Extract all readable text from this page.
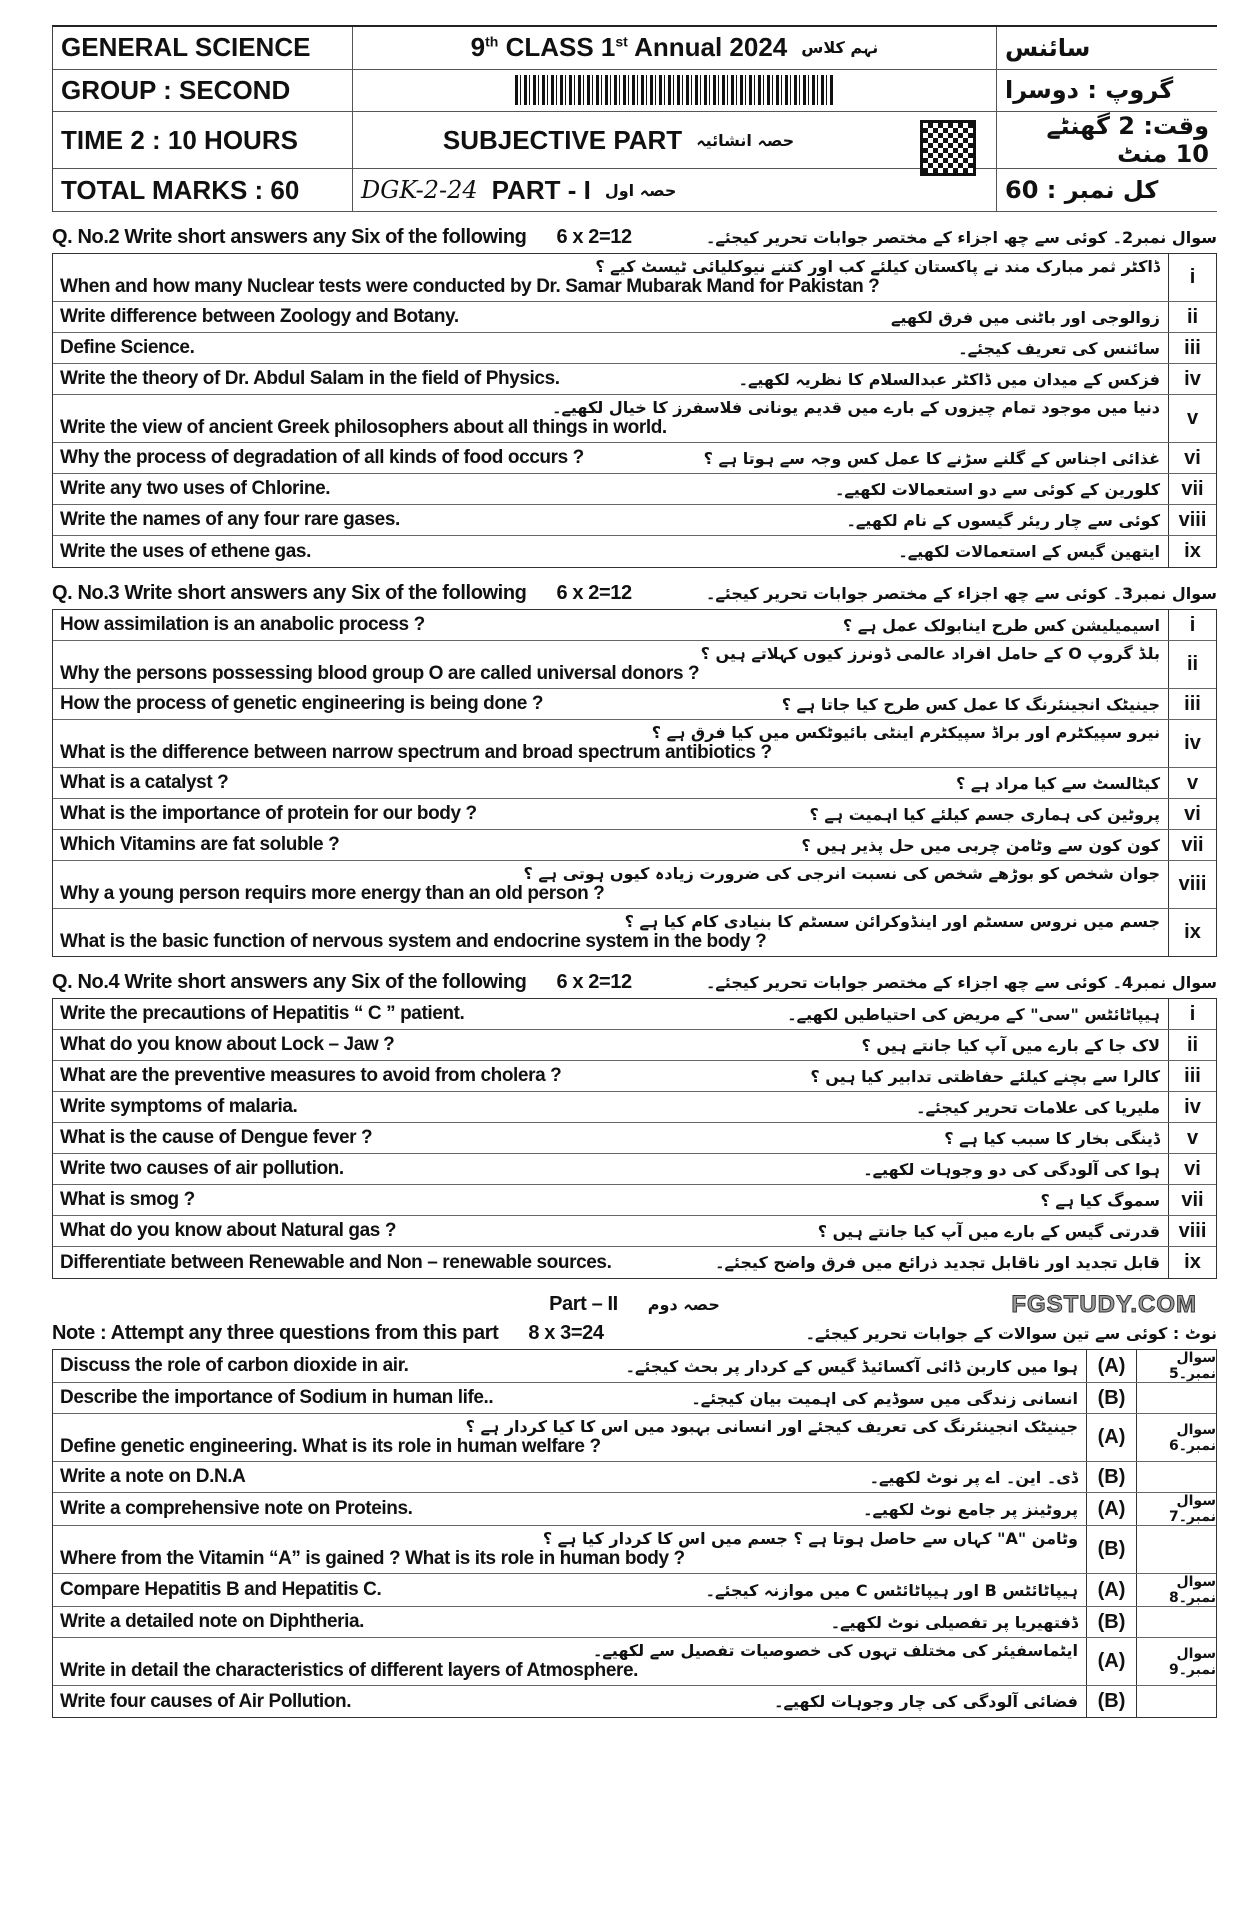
GENERAL SCIENCE	9th CLASS 1st Annual 2024 نہم کلاس	سائنس
GROUP : SECOND	گروپ : دوسرا
TIME 2 : 10 HOURS	SUBJECTIVE PART حصہ انشائیہ	وقت: 2 گھنٹے 10 منٹ
TOTAL MARKS : 60	DGK-2-24 PART - I حصہ اول	کل نمبر : 60
Q. No.2 Write short answers any Six of the following 6 x 2=12	سوال نمبر2۔ کوئی سے چھ اجزاء کے مختصر جوابات تحریر کیجئے۔
When and how many Nuclear tests were conducted by Dr. Samar Mubarak Mand for Pakistan ?
ڈاکٹر ثمر مبارک مند نے پاکستان کیلئے کب اور کتنے نیوکلیائی ٹیسٹ کیے ؟	i
Write difference between Zoology and Botany.	زوالوجی اور باٹنی میں فرق لکھیے	ii
Define Science.	سائنس کی تعریف کیجئے۔	iii
Write the theory of Dr. Abdul Salam in the field of Physics.	فزکس کے میدان میں ڈاکٹر عبدالسلام کا نظریہ لکھیے۔	iv
Write the view of ancient Greek philosophers about all things in world.
دنیا میں موجود تمام چیزوں کے بارے میں قدیم یونانی فلاسفرز کا خیال لکھیے۔	v
Why the process of degradation of all kinds of food occurs ?	غذائی اجناس کے گلنے سڑنے کا عمل کس وجہ سے ہوتا ہے ؟	vi
Write any two uses of Chlorine.	کلورین کے کوئی سے دو استعمالات لکھیے۔	vii
Write the names of any four rare gases.	کوئی سے چار ریئر گیسوں کے نام لکھیے۔ viii
Write the uses of ethene gas.	ایتھین گیس کے استعمالات لکھیے۔	ix
Q. No.3 Write short answers any Six of the following 6 x 2=12	سوال نمبر3۔ کوئی سے چھ اجزاء کے مختصر جوابات تحریر کیجئے۔
How assimilation is an anabolic process ?	اسیمیلیشن کس طرح اینابولک عمل ہے ؟	i
Why the persons possessing blood group O are called universal donors ?
بلڈ گروپ O کے حامل افراد عالمی ڈونرز کیوں کہلاتے ہیں ؟	ii
How the process of genetic engineering is being done ?	جینیٹک انجینئرنگ کا عمل کس طرح کیا جاتا ہے ؟	iii
What is the difference between narrow spectrum and broad spectrum antibiotics ?
نیرو سپیکٹرم اور براڈ سپیکٹرم اینٹی بائیوٹکس میں کیا فرق ہے ؟	iv
What is a catalyst ?	کیٹالسٹ سے کیا مراد ہے ؟	v
What is the importance of protein for our body ?	پروٹین کی ہماری جسم کیلئے کیا اہمیت ہے ؟	vi
Which Vitamins are fat soluble ?	کون کون سے وٹامن چربی میں حل پذیر ہیں ؟	vii
Why a young person requirs more energy than an old person ?
جوان شخص کو بوڑھے شخص کی نسبت انرجی کی ضرورت زیادہ کیوں ہوتی ہے ؟ viii
What is the basic function of nervous system and endocrine system in the body ?
جسم میں نروس سسٹم اور اینڈوکرائن سسٹم کا بنیادی کام کیا ہے ؟	ix
Q. No.4 Write short answers any Six of the following 6 x 2=12	سوال نمبر4۔ کوئی سے چھ اجزاء کے مختصر جوابات تحریر کیجئے۔
Write the precautions of Hepatitis “ C ” patient.	ہیپاٹائٹس "سی" کے مریض کی احتیاطیں لکھیے۔	i
What do you know about Lock – Jaw ?	لاک جا کے بارے میں آپ کیا جانتے ہیں ؟	ii
What are the preventive measures to avoid from cholera ?	کالرا سے بچنے کیلئے حفاظتی تدابیر کیا ہیں ؟	iii
Write symptoms of malaria.	ملیریا کی علامات تحریر کیجئے۔	iv
What is the cause of Dengue fever ?	ڈینگی بخار کا سبب کیا ہے ؟	v
Write two causes of air pollution.	ہوا کی آلودگی کی دو وجوہات لکھیے۔	vi
What is smog ?	سموگ کیا ہے ؟	vii
What do you know about Natural gas ?	قدرتی گیس کے بارے میں آپ کیا جانتے ہیں ؟ viii
Differentiate between Renewable and Non – renewable sources.	قابل تجدید اور ناقابل تجدید ذرائع میں فرق واضح کیجئے۔	ix
Part – II حصہ دوم	FGSTUDY.COM
Note : Attempt any three questions from this part 8 x 3=24	نوٹ : کوئی سے تین سوالات کے جوابات تحریر کیجئے۔
Discuss the role of carbon dioxide in air.	ہوا میں کاربن ڈائی آکسائیڈ گیس کے کردار پر بحث کیجئے۔ (A)	سوال نمبر۔5
Describe the importance of Sodium in human life..	انسانی زندگی میں سوڈیم کی اہمیت بیان کیجئے۔ (B)
Define genetic engineering. What is its role in human welfare ?
جینیٹک انجینئرنگ کی تعریف کیجئے اور انسانی بہبود میں اس کا کیا کردار ہے ؟ (A)	سوال نمبر۔6
Write a note on D.N.A	ڈی۔ این۔ اے پر نوٹ لکھیے۔ (B)
Write a comprehensive note on Proteins.	پروٹینز پر جامع نوٹ لکھیے۔ (A)	سوال نمبر۔7
Where from the Vitamin “A” is gained ? What is its role in human body ?
وٹامن "A" کہاں سے حاصل ہوتا ہے ؟ جسم میں اس کا کردار کیا ہے ؟ (B)
Compare Hepatitis B and Hepatitis C.	ہیپاٹائٹس B اور ہیپاٹائٹس C میں موازنہ کیجئے۔ (A)	سوال نمبر۔8
Write a detailed note on Diphtheria.	ڈفتھیریا پر تفصیلی نوٹ لکھیے۔ (B)
Write in detail the characteristics of different layers of Atmosphere.
ایٹماسفیئر کی مختلف تہوں کی خصوصیات تفصیل سے لکھیے۔ (A)	سوال نمبر۔9
Write four causes of Air Pollution.	فضائی آلودگی کی چار وجوہات لکھیے۔ (B)
